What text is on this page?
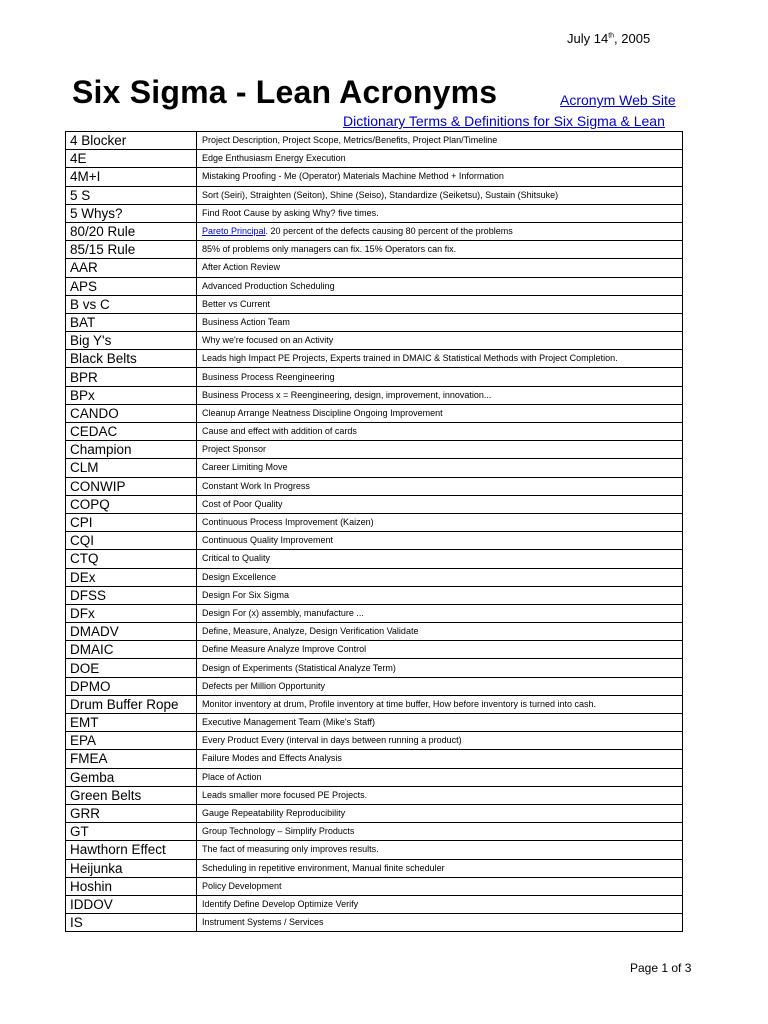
July 14th, 2005
Six Sigma - Lean Acronyms	Acronym Web Site
Dictionary Terms & Definitions for Six Sigma & Lean
4 Blocker	Project Description, Project Scope, Metrics/Benefits, Project Plan/Timeline
4E	Edge Enthusiasm Energy Execution
4M+I	Mistaking Proofing - Me (Operator) Materials Machine Method + Information
5 S	Sort (Seiri), Straighten (Seiton), Shine (Seiso), Standardize (Seiketsu), Sustain (Shitsuke)
5 Whys?	Find Root Cause by asking Why? five times.
80/20 Rule	Pareto Principal. 20 percent of the defects causing 80 percent of the problems
85/15 Rule	85% of problems only managers can fix. 15% Operators can fix.
AAR	After Action Review
APS	Advanced Production Scheduling
B vs C	Better vs Current
BAT	Business Action Team
Big Y's	Why we're focused on an Activity
Black Belts	Leads high Impact PE Projects, Experts trained in DMAIC & Statistical Methods with Project Completion.
BPR	Business Process Reengineering
BPx	Business Process x = Reengineering, design, improvement, innovation...
CANDO	Cleanup Arrange Neatness Discipline Ongoing Improvement
CEDAC	Cause and effect with addition of cards
Champion	Project Sponsor
CLM	Career Limiting Move
CONWIP	Constant Work In Progress
COPQ	Cost of Poor Quality
CPI	Continuous Process Improvement (Kaizen)
CQI	Continuous Quality Improvement
CTQ	Critical to Quality
DEx	Design Excellence
DFSS	Design For Six Sigma
DFx	Design For (x) assembly, manufacture ...
DMADV	Define, Measure, Analyze, Design Verification Validate
DMAIC	Define Measure Analyze Improve Control
DOE	Design of Experiments (Statistical Analyze Term)
DPMO	Defects per Million Opportunity
Drum Buffer Rope	Monitor inventory at drum, Profile inventory at time buffer, How before inventory is turned into cash.
EMT	Executive Management Team (Mike's Staff)
EPA	Every Product Every (interval in days between running a product)
FMEA	Failure Modes and Effects Analysis
Gemba	Place of Action
Green Belts	Leads smaller more focused PE Projects.
GRR	Gauge Repeatability Reproducibility
GT	Group Technology – Simplify Products
Hawthorn Effect	The fact of measuring only improves results.
Heijunka	Scheduling in repetitive environment, Manual finite scheduler
Hoshin	Policy Development
IDDOV	Identify Define Develop Optimize Verify
IS	Instrument Systems / Services
Page 1 of 3
